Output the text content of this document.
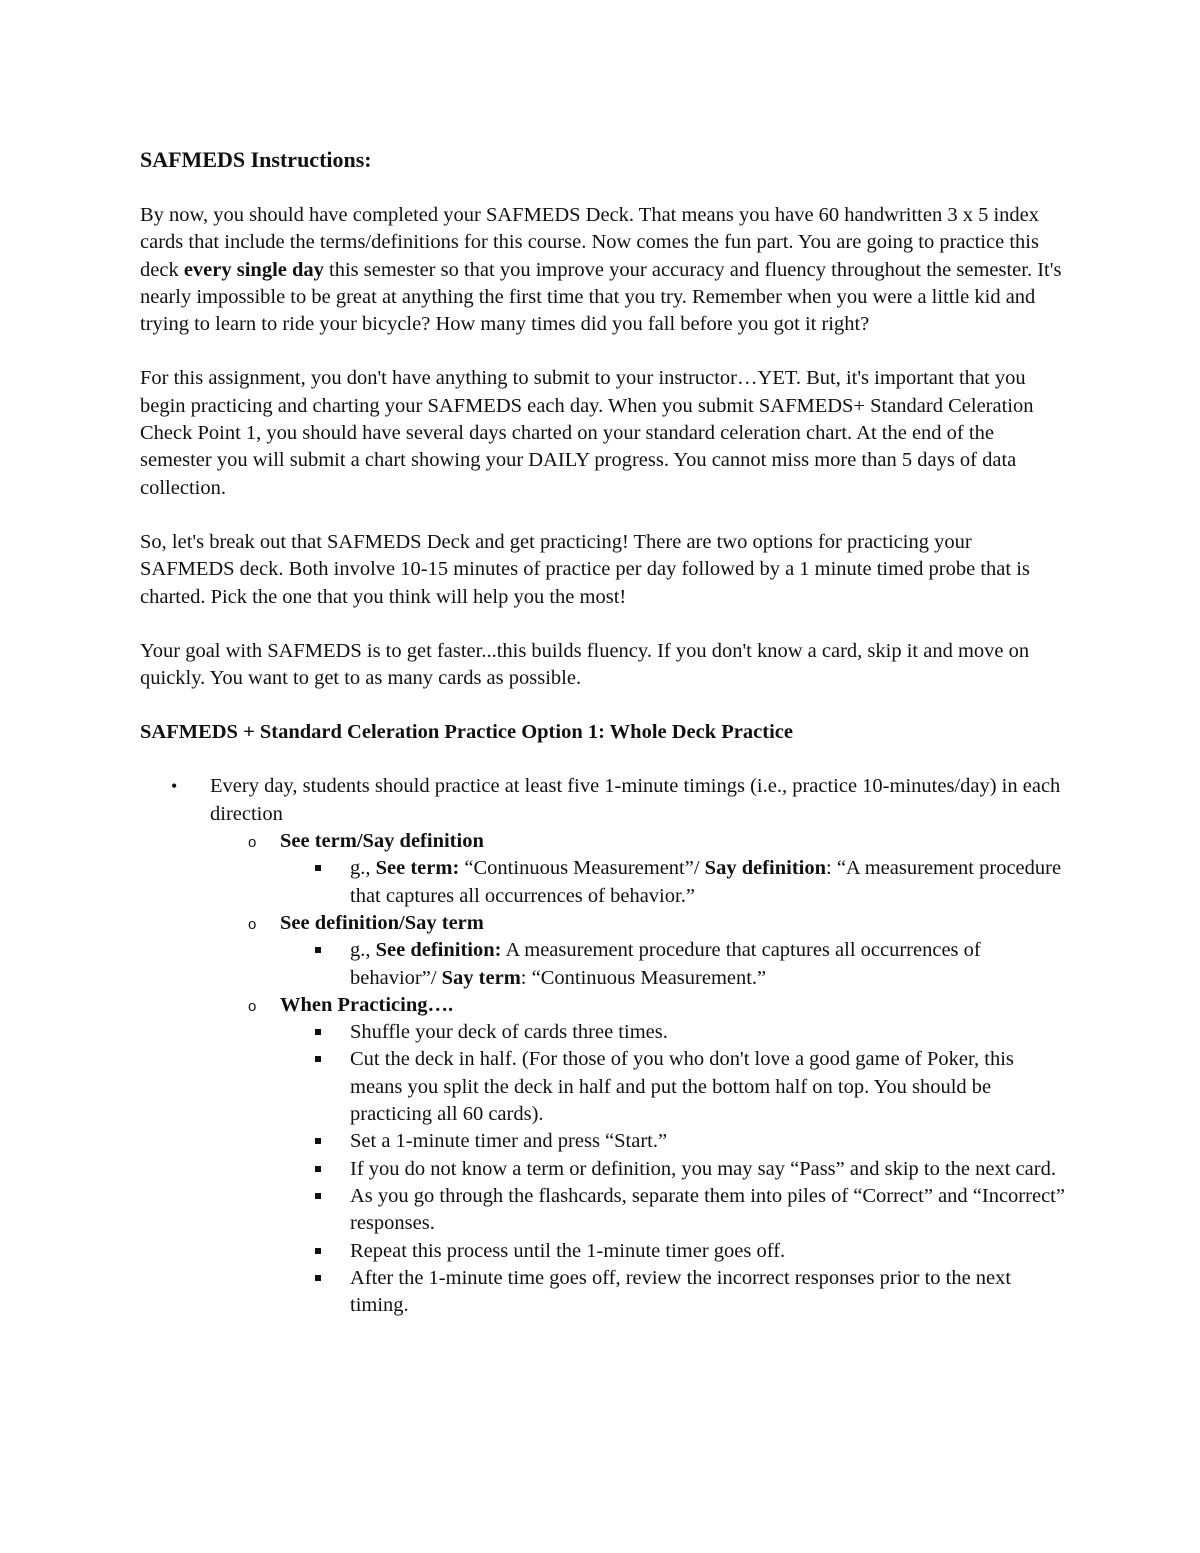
SAFMEDS Instructions:

By now, you should have completed your SAFMEDS Deck. That means you have 60 handwritten 3 x 5 index cards that include the terms/definitions for this course. Now comes the fun part. You are going to practice this deck every single day this semester so that you improve your accuracy and fluency throughout the semester. It's nearly impossible to be great at anything the first time that you try. Remember when you were a little kid and trying to learn to ride your bicycle? How many times did you fall before you got it right?

For this assignment, you don't have anything to submit to your instructor…YET. But, it's important that you begin practicing and charting your SAFMEDS each day. When you submit SAFMEDS+ Standard Celeration Check Point 1, you should have several days charted on your standard celeration chart. At the end of the semester you will submit a chart showing your DAILY progress. You cannot miss more than 5 days of data collection.

So, let's break out that SAFMEDS Deck and get practicing! There are two options for practicing your SAFMEDS deck. Both involve 10-15 minutes of practice per day followed by a 1 minute timed probe that is charted. Pick the one that you think will help you the most!

Your goal with SAFMEDS is to get faster...this builds fluency. If you don't know a card, skip it and move on quickly. You want to get to as many cards as possible.

SAFMEDS + Standard Celeration Practice Option 1: Whole Deck Practice
• Every day, students should practice at least five 1-minute timings (i.e., practice 10-minutes/day) in each direction
o See term/Say definition
g., See term: “Continuous Measurement”/ Say definition: “A measurement procedure that captures all occurrences of behavior.”
o See definition/Say term
g., See definition: A measurement procedure that captures all occurrences of behavior”/ Say term: “Continuous Measurement.”
o When Practicing….
Shuffle your deck of cards three times.
Cut the deck in half. (For those of you who don't love a good game of Poker, this means you split the deck in half and put the bottom half on top. You should be practicing all 60 cards).
Set a 1-minute timer and press “Start.”
If you do not know a term or definition, you may say “Pass” and skip to the next card.
As you go through the flashcards, separate them into piles of “Correct” and “Incorrect” responses.
Repeat this process until the 1-minute timer goes off.
After the 1-minute time goes off, review the incorrect responses prior to the next timing.
